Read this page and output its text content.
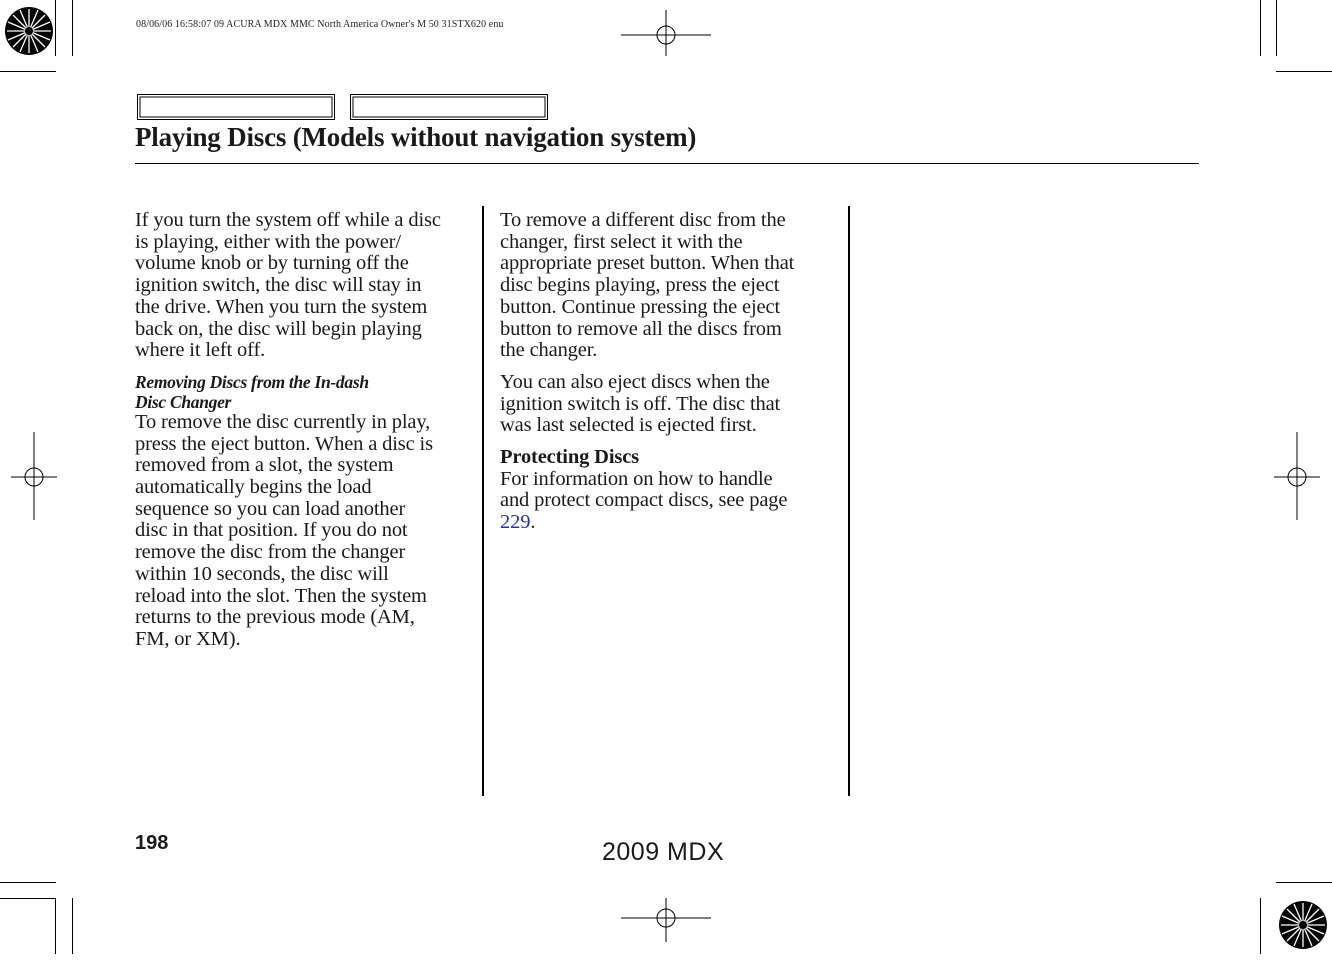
08/06/06 16:58:07 09 ACURA MDX MMC North America Owner's M 50 31STX620 enu
Playing Discs (Models without navigation system)

If you turn the system off while a disc
is playing, either with the power/
volume knob or by turning off the
ignition switch, the disc will stay in
the drive. When you turn the system
back on, the disc will begin playing
where it left off.

Removing Discs from the In-dash
Disc Changer

To remove the disc currently in play,
press the eject button. When a disc is
removed from a slot, the system
automatically begins the load
sequence so you can load another
disc in that position. If you do not
remove the disc from the changer
within 10 seconds, the disc will
reload into the slot. Then the system
returns to the previous mode (AM,
FM, or XM).

To remove a different disc from the
changer, first select it with the
appropriate preset button. When that
disc begins playing, press the eject
button. Continue pressing the eject
button to remove all the discs from
the changer.

You can also eject discs when the
ignition switch is off. The disc that
was last selected is ejected first.

Protecting Discs

For information on how to handle
and protect compact discs, see page
229.

198	2009 MDX
